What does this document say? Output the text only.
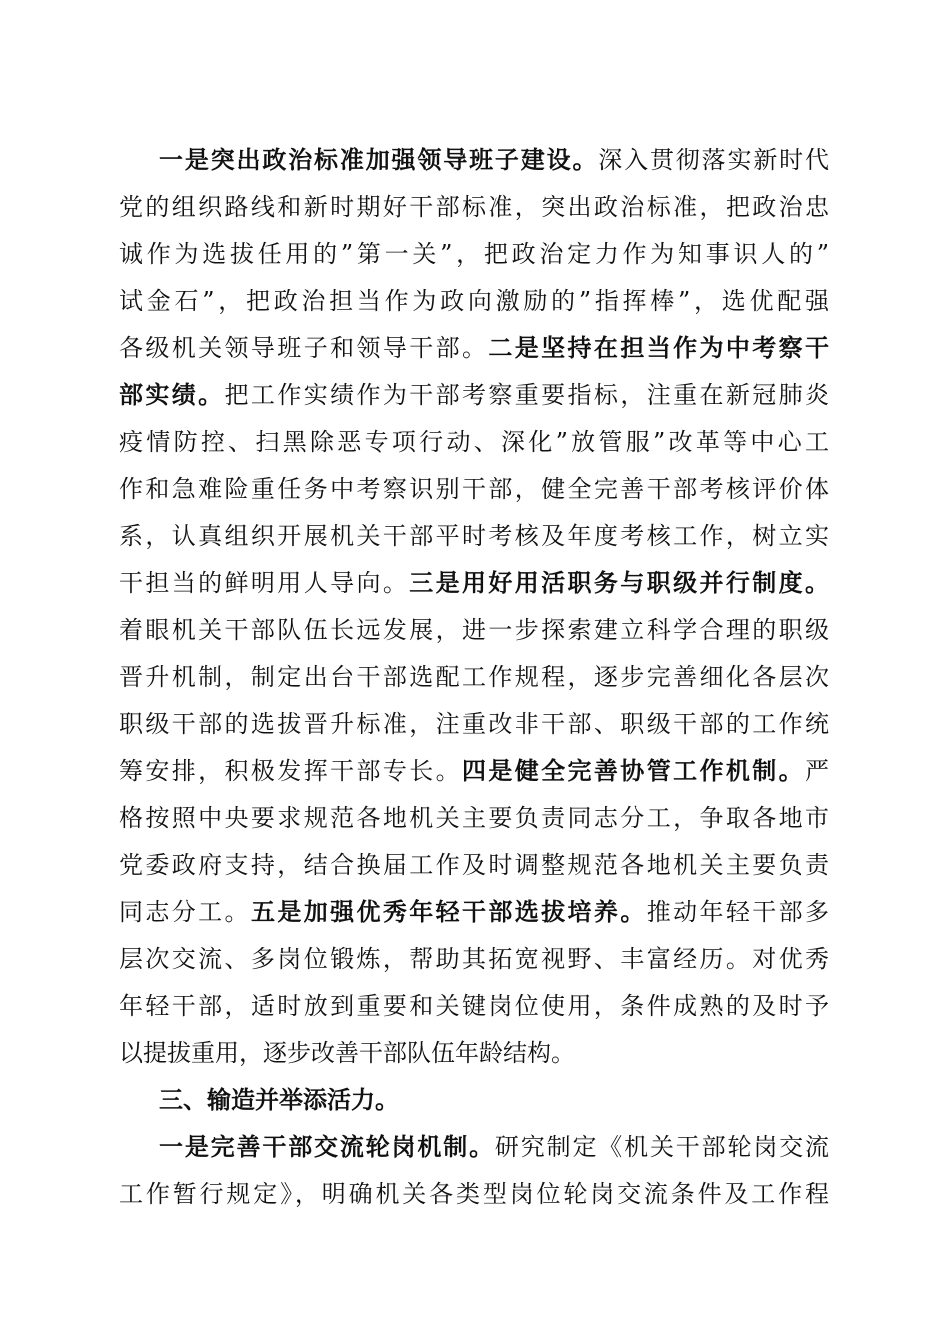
一是突出政治标准加强领导班子建设。深入贯彻落实新时代
党的组织路线和新时期好干部标准，突出政治标准，把政治忠
诚作为选拔任用的”第一关”，把政治定力作为知事识人的”
试金石”，把政治担当作为政向激励的”指挥棒”，选优配强
各级机关领导班子和领导干部。二是坚持在担当作为中考察干
部实绩。把工作实绩作为干部考察重要指标，注重在新冠肺炎
疫情防控、扫黑除恶专项行动、深化”放管服”改革等中心工
作和急难险重任务中考察识别干部，健全完善干部考核评价体
系，认真组织开展机关干部平时考核及年度考核工作，树立实
干担当的鲜明用人导向。三是用好用活职务与职级并行制度。
着眼机关干部队伍长远发展，进一步探索建立科学合理的职级
晋升机制，制定出台干部选配工作规程，逐步完善细化各层次
职级干部的选拔晋升标准，注重改非干部、职级干部的工作统
筹安排，积极发挥干部专长。四是健全完善协管工作机制。严
格按照中央要求规范各地机关主要负责同志分工，争取各地市
党委政府支持，结合换届工作及时调整规范各地机关主要负责
同志分工。五是加强优秀年轻干部选拔培养。推动年轻干部多
层次交流、多岗位锻炼，帮助其拓宽视野、丰富经历。对优秀
年轻干部，适时放到重要和关键岗位使用，条件成熟的及时予
以提拔重用，逐步改善干部队伍年龄结构。
三、输造并举添活力。
一是完善干部交流轮岗机制。研究制定《机关干部轮岗交流
工作暂行规定》，明确机关各类型岗位轮岗交流条件及工作程
